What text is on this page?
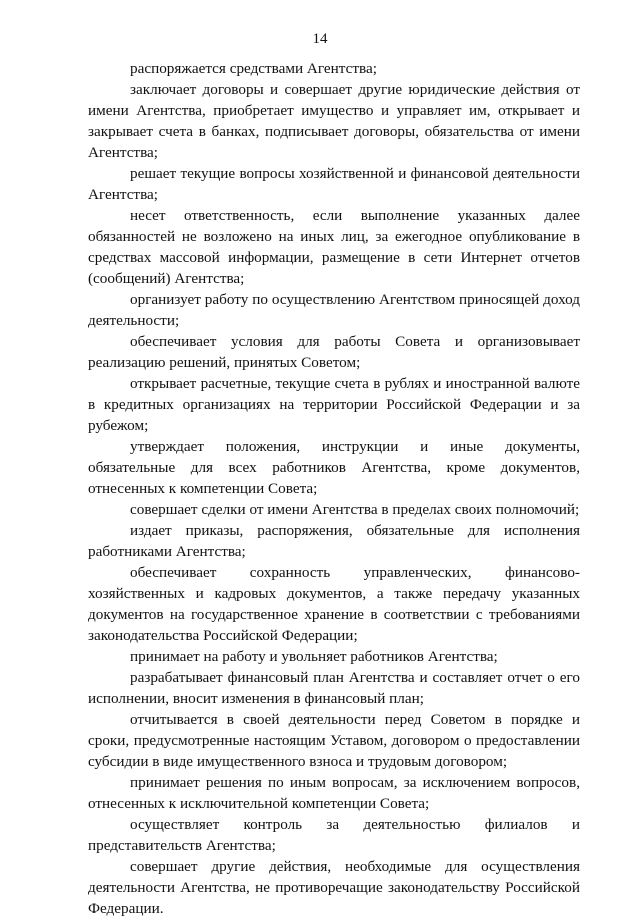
14

распоряжается средствами Агентства;

заключает договоры и совершает другие юридические действия от имени Агентства, приобретает имущество и управляет им, открывает и закрывает счета в банках, подписывает договоры, обязательства от имени Агентства;

решает текущие вопросы хозяйственной и финансовой деятельности Агентства;

несет ответственность, если выполнение указанных далее обязанностей не возложено на иных лиц, за ежегодное опубликование в средствах массовой информации, размещение в сети Интернет отчетов (сообщений) Агентства;

организует работу по осуществлению Агентством приносящей доход деятельности;

обеспечивает условия для работы Совета и организовывает реализацию решений, принятых Советом;

открывает расчетные, текущие счета в рублях и иностранной валюте в кредитных организациях на территории Российской Федерации и за рубежом;

утверждает положения, инструкции и иные документы, обязательные для всех работников Агентства, кроме документов, отнесенных к компетенции Совета;

совершает сделки от имени Агентства в пределах своих полномочий;

издает приказы, распоряжения, обязательные для исполнения работниками Агентства;

обеспечивает сохранность управленческих, финансово-хозяйственных и кадровых документов, а также передачу указанных документов на государственное хранение в соответствии с требованиями законодательства Российской Федерации;

принимает на работу и увольняет работников Агентства;

разрабатывает финансовый план Агентства и составляет отчет о его исполнении, вносит изменения в финансовый план;

отчитывается в своей деятельности перед Советом в порядке и сроки, предусмотренные настоящим Уставом, договором о предоставлении субсидии в виде имущественного взноса и трудовым договором;

принимает решения по иным вопросам, за исключением вопросов, отнесенных к исключительной компетенции Совета;

осуществляет контроль за деятельностью филиалов и представительств Агентства;

совершает другие действия, необходимые для осуществления деятельности Агентства, не противоречащие законодательству Российской Федерации.
